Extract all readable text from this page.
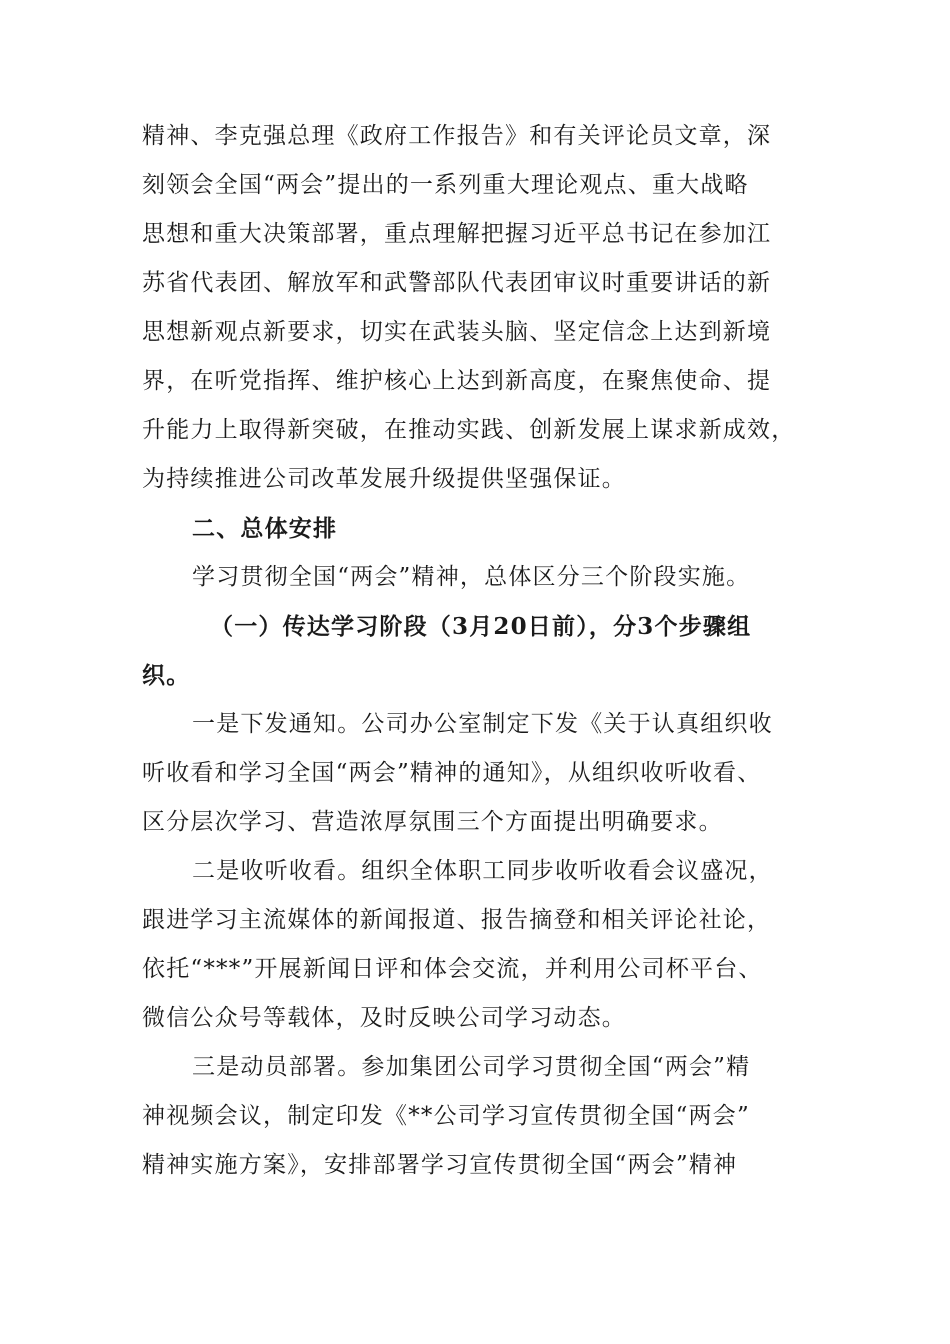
精神、李克强总理《政府工作报告》和有关评论员文章，深
刻领会全国“两会”提出的一系列重大理论观点、重大战略
思想和重大决策部署，重点理解把握习近平总书记在参加江
苏省代表团、解放军和武警部队代表团审议时重要讲话的新
思想新观点新要求，切实在武装头脑、坚定信念上达到新境
界，在听党指挥、维护核心上达到新高度，在聚焦使命、提
升能力上取得新突破，在推动实践、创新发展上谋求新成效，
为持续推进公司改革发展升级提供坚强保证。
二、总体安排
学习贯彻全国“两会”精神，总体区分三个阶段实施。
（一）传达学习阶段（3月20日前），分3个步骤组
织。
一是下发通知。公司办公室制定下发《关于认真组织收
听收看和学习全国“两会”精神的通知》，从组织收听收看、
区分层次学习、营造浓厚氛围三个方面提出明确要求。
二是收听收看。组织全体职工同步收听收看会议盛况，
跟进学习主流媒体的新闻报道、报告摘登和相关评论社论，
依托“***”开展新闻日评和体会交流，并利用公司杯平台、
微信公众号等载体，及时反映公司学习动态。
三是动员部署。参加集团公司学习贯彻全国“两会”精
神视频会议，制定印发《**公司学习宣传贯彻全国“两会”
精神实施方案》，安排部署学习宣传贯彻全国“两会”精神
